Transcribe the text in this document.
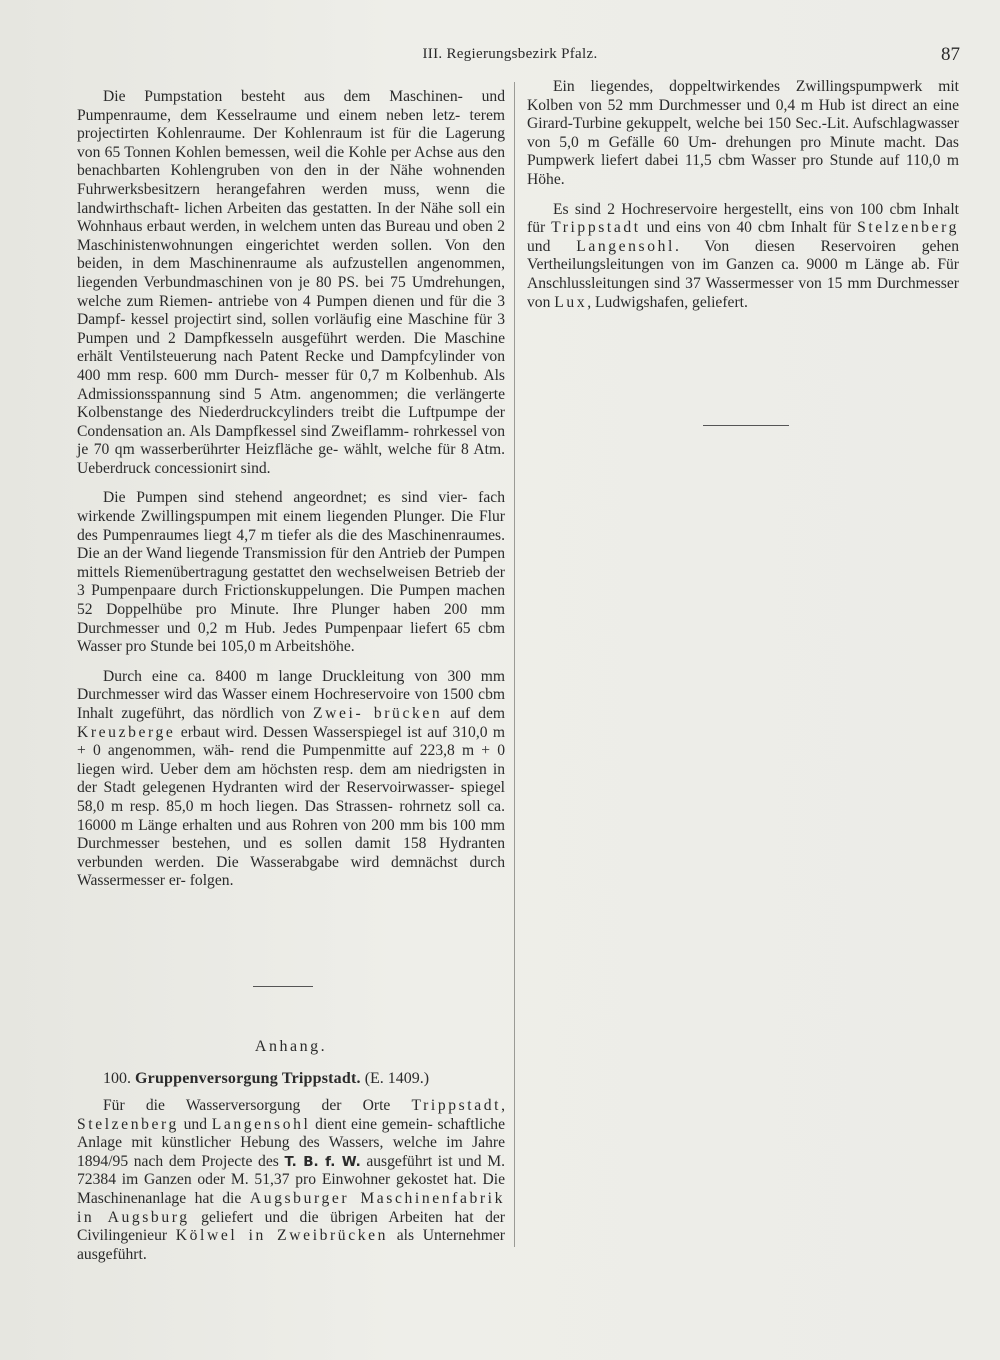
III. Regierungsbezirk Pfalz.	87

Die Pumpstation besteht aus dem Maschinen- und Pumpenraume, dem Kesselraume und einem neben letz- terem projectirten Kohlenraume. Der Kohlenraum ist für die Lagerung von 65 Tonnen Kohlen bemessen, weil die Kohle per Achse aus den benachbarten Kohlengruben von den in der Nähe wohnenden Fuhrwerksbesitzern herangefahren werden muss, wenn die landwirthschaft- lichen Arbeiten das gestatten. In der Nähe soll ein Wohnhaus erbaut werden, in welchem unten das Bureau und oben 2 Maschinistenwohnungen eingerichtet werden sollen. Von den beiden, in dem Maschinenraume als aufzustellen angenommen, liegenden Verbundmaschinen von je 80 PS. bei 75 Umdrehungen, welche zum Riemen- antriebe von 4 Pumpen dienen und für die 3 Dampf- kessel projectirt sind, sollen vorläufig eine Maschine für 3 Pumpen und 2 Dampfkesseln ausgeführt werden. Die Maschine erhält Ventilsteuerung nach Patent Recke und Dampfcylinder von 400 mm resp. 600 mm Durch- messer für 0,7 m Kolbenhub. Als Admissionsspannung sind 5 Atm. angenommen; die verlängerte Kolbenstange des Niederdruckcylinders treibt die Luftpumpe der Condensation an. Als Dampfkessel sind Zweiflamm- rohrkessel von je 70 qm wasserberührter Heizfläche ge- wählt, welche für 8 Atm. Ueberdruck concessionirt sind.

Die Pumpen sind stehend angeordnet; es sind vier- fach wirkende Zwillingspumpen mit einem liegenden Plunger. Die Flur des Pumpenraumes liegt 4,7 m tiefer als die des Maschinenraumes. Die an der Wand liegende Transmission für den Antrieb der Pumpen mittels Riemenübertragung gestattet den wechselweisen Betrieb der 3 Pumpenpaare durch Frictionskuppelungen. Die Pumpen machen 52 Doppelhübe pro Minute. Ihre Plunger haben 200 mm Durchmesser und 0,2 m Hub. Jedes Pumpenpaar liefert 65 cbm Wasser pro Stunde bei 105,0 m Arbeitshöhe.

Durch eine ca. 8400 m lange Druckleitung von 300 mm Durchmesser wird das Wasser einem Hochreservoire von 1500 cbm Inhalt zugeführt, das nördlich von Zwei- brücken auf dem Kreuzberge erbaut wird. Dessen Wasserspiegel ist auf 310,0 m + 0 angenommen, wäh- rend die Pumpenmitte auf 223,8 m + 0 liegen wird. Ueber dem am höchsten resp. dem am niedrigsten in der Stadt gelegenen Hydranten wird der Reservoirwasser- spiegel 58,0 m resp. 85,0 m hoch liegen. Das Strassen- rohrnetz soll ca. 16000 m Länge erhalten und aus Rohren von 200 mm bis 100 mm Durchmesser bestehen, und es sollen damit 158 Hydranten verbunden werden. Die Wasserabgabe wird demnächst durch Wassermesser er- folgen.

Anhang.
100. Gruppenversorgung Trippstadt. (E. 1409.)

Für die Wasserversorgung der Orte Trippstadt, Stelzenberg und Langensohl dient eine gemein- schaftliche Anlage mit künstlicher Hebung des Wassers, welche im Jahre 1894/95 nach dem Projecte des T. B. f. W. ausgeführt ist und M. 72384 im Ganzen oder M. 51,37 pro Einwohner gekostet hat. Die Maschinenanlage hat die Augsburger Maschinenfabrik in Augsburg geliefert und die übrigen Arbeiten hat der Civilingenieur Kölwel in Zweibrücken als Unternehmer ausgeführt.

Ein liegendes, doppeltwirkendes Zwillingspumpwerk mit Kolben von 52 mm Durchmesser und 0,4 m Hub ist direct an eine Girard-Turbine gekuppelt, welche bei 150 Sec.-Lit. Aufschlagwasser von 5,0 m Gefälle 60 Um- drehungen pro Minute macht. Das Pumpwerk liefert dabei 11,5 cbm Wasser pro Stunde auf 110,0 m Höhe.

Es sind 2 Hochreservoire hergestellt, eins von 100 cbm Inhalt für Trippstadt und eins von 40 cbm Inhalt für Stelzenberg und Langensohl. Von diesen Reservoiren gehen Vertheilungsleitungen von im Ganzen ca. 9000 m Länge ab. Für Anschlussleitungen sind 37 Wassermesser von 15 mm Durchmesser von Lux, Ludwigshafen, geliefert.
